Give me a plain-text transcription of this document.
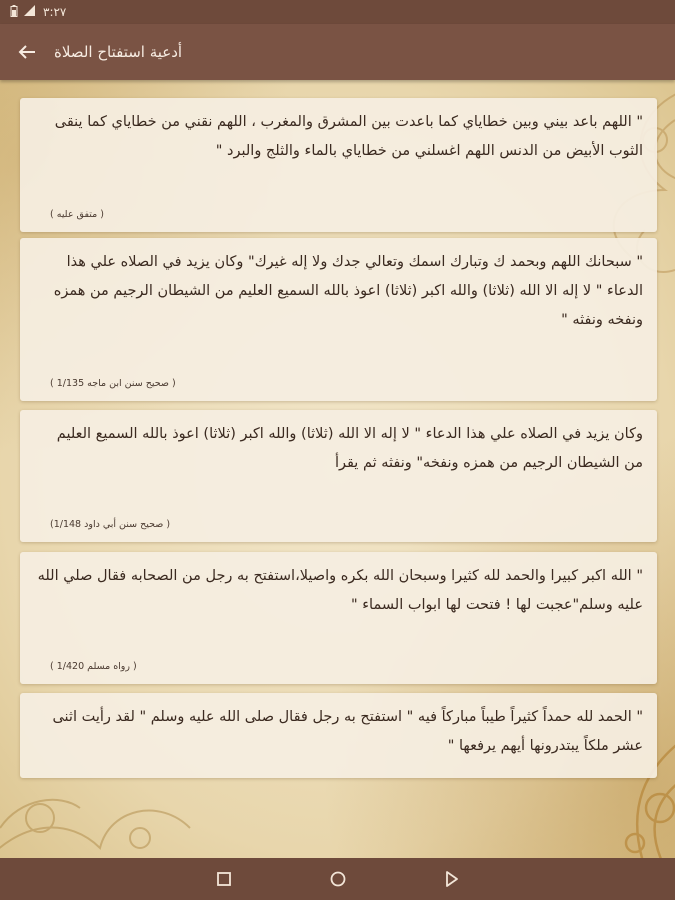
٣:٢٧
أدعية استفتاح الصلاة
" اللهم باعد بيني وبين خطاياي كما باعدت بين المشرق والمغرب ، اللهم نقني من خطاياي كما ينقى الثوب الأبيض من الدنس اللهم اغسلني من خطاياي بالماء والثلج والبرد "
( متفق عليه )
" سبحانك اللهم وبحمد ك وتبارك اسمك وتعالي جدك ولا إله غيرك" وكان يزيد في الصلاه علي هذا الدعاء " لا إله الا الله (ثلاثا) والله اكبر (ثلاثا) اعوذ بالله السميع العليم من الشيطان الرجيم من همزه ونفخه ونفثه "
( صحيح سنن ابن ماجه 1/135 )
وكان يزيد في الصلاه علي هذا الدعاء " لا إله الا الله (ثلاثا) والله اكبر (ثلاثا) اعوذ بالله السميع العليم من الشيطان الرجيم من همزه ونفخه" ونفثه ثم يقرأ
( صحيح سنن أبي داود 1/148)
" الله اكبر كبيرا والحمد لله كثيرا وسبحان الله بكره واصيلا،استفتح به رجل من الصحابه فقال صلي الله عليه وسلم"عجبت لها ! فتحت لها ابواب السماء "
( رواه مسلم 1/420 )
" الحمد لله حمداً كثيراً طيباً مباركاً فيه " استفتح به رجل فقال صلى الله عليه وسلم " لقد رأيت اثنى عشر ملكاً يبتدرونها أيهم يرفعها "
